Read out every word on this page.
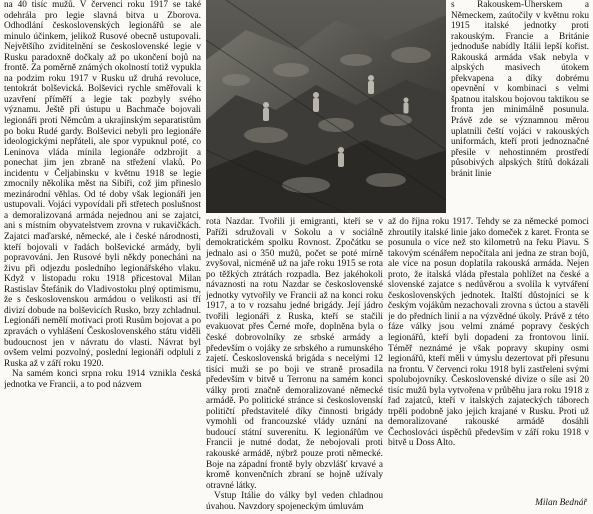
na 40 tisíc mužů. V červenci roku 1917 se také odehrála pro legie slavná bitva u Zborova. Odhodlání československých legionářů se ale minulo účinkem, jelikož Rusové obecně ustupovali. Největšího zviditelnění se československé legie v Rusku paradoxně dočkaly až po ukončení bojů na frontě. Za poměrně známých okolností totiž vypukla na podzim roku 1917 v Rusku už druhá revoluce, tentokrát bolševická. Bolševici rychle směřovali k uzavření příměří a legie tak pozbyly svého významu. Ještě při ústupu u Bachmače bojovali legionáři proti Němcům a ukrajinským separatistům po boku Rudé gardy. Bolševici nebyli pro legionáře ideologickými nepřáteli, ale spor vypuknul poté, co Leninova vláda mínila legionáře odzbrojit a ponechat jim jen zbraně na střežení vlaků. Po incidentu v Čeljabinsku v květnu 1918 se legie zmocnily několika měst na Sibiři, což jim přineslo mezinárodní věhlas. Od té doby však legionáři jen ustupovali. Vojáci vypovídali při střetech poslušnost a demoralizovaná armáda nejednou ani se zajatci, ani s místním obyvatelstvem zrovna v rukavičkách. Zajatci maďarské, německé, ale i české národnosti, kteří bojovali v řadách bolševické armády, byli popravováni. Jen Rusové byli někdy ponecháni na živu při odjezdu posledního legionářského vlaku. Když v listopadu roku 1918 přicestoval Milan Rastislav Štefánik do Vladivostoku plný optimismu, že s československou armádou o velikosti asi tří divizí dobude na bolševicích Rusko, brzy zchladnul. Legionáři nemělí motivaci proti Rusům bojovat a po zpravách o vyhlášení Československého státu viděli budoucnost jen v návratu do vlasti. Návrat byl ovšem velmi pozvolný, poslední legionáři odpluli z Ruska až v září roku 1920.

Na samém konci srpna roku 1914 vznikla česká jednotka ve Francii, a to pod názvem

s Rakouskem-Uherskem a Německem, zaútočily v květnu roku 1915 italské jednotky proti rakouským. Francie a Británie jednoduše nabídly Itálii lepší kořist. Rakouská armáda však nebyla v alpských masivech útokem překvapena a díky dobrému opevnění v kombinaci s velmi špatnou italskou bojovou taktikou se fronta jen minimálně posunula. Právě zde se významnou měrou uplatnili čeští vojáci v rakouských uniformách, kteří proti jednoznačné přesile v nehostinném prostředí působivých alpských štítů dokázali bránit linie

rota Nazdar. Tvořili ji emigranti, kteří se v Paříži sdružovali v Sokolu a v sociálně demokratickém spolku Rovnost. Zpočátku se jednalo asi o 350 mužů, počet se poté mírně zvyšoval, nicméně už na jaře roku 1915 se rota po těžkých ztrátách rozpadla. Bez jakéhokoli návaznosti na rotu Nazdar se československé jednotky vytvořily ve Francii až na konci roku 1917, a to v rozsahu jedné brigády. Její jádro tvořili legionáři z Ruska, kteří se stačili evakuovat přes Černé moře, doplněna byla o české dobrovolníky ze srbské armády a především o vojáky ze srbského a rumunského zajetí. Československá brigáda s necelými 12 tisíci muži se po boji ve straně prosadila především v bitvě u Terronu na samém konci války proti značně demoralizované německé armádě. Po politické stránce si československí političtí představitelé díky činnosti brigády vymohli od francouzské vlády uznání na budoucí státní suverenitu. K legionářům ve Francii je nutné dodat, že nebojovali proti rakouské armádě, nýbrž pouze proti německé. Boje na západní frontě byly obzvlášť krvavé a kromě konvenčních zbraní se hojně užívaly otravné látky.

Vstup Itálie do války byl veden chladnou úvahou. Navzdory spojeneckým úmluvám

až do října roku 1917. Tehdy se za německé pomoci zhroutily italské linie jako domeček z karet. Fronta se posunula o více než sto kilometrů na řeku Piavu. S takovým scénářem nepočítala ani jedna ze stran bojů, ale více na posun doplatila rakouská armáda. Nejen proto, že italská vláda přestala pohlížet na české a slovenské zajatce s nedůvěrou a svolila k vytváření československých jednotek. Italští důstojníci se k českým vojákům nezachovali zrovna s úctou a stavěli je do předních linií a na výzvědné úkoly. Právě z této fáze války jsou velmi známé popravy českých legionářů, kteří byli dopadeni za frontovou linií. Téměř neznámé je však popravy skupiny osmi legionářů, kteří měli v úmyslu dezertovat při přesunu na frontu. V červenci roku 1918 byli zastřeleni svými spolubojovníky. Československé divize o síle asi 20 tisíc mužů byla vytvořena v průběhu jara roku 1918 z řad zajatců, kteří v italských zajateckých táborech trpěli podobně jako jejich krajané v Rusku. Proti už demoralizované rakouské armádě dosáhli Čechoslováci úspěchů především v září roku 1918 v bitvě u Doss Alto.

Milan Bednář
